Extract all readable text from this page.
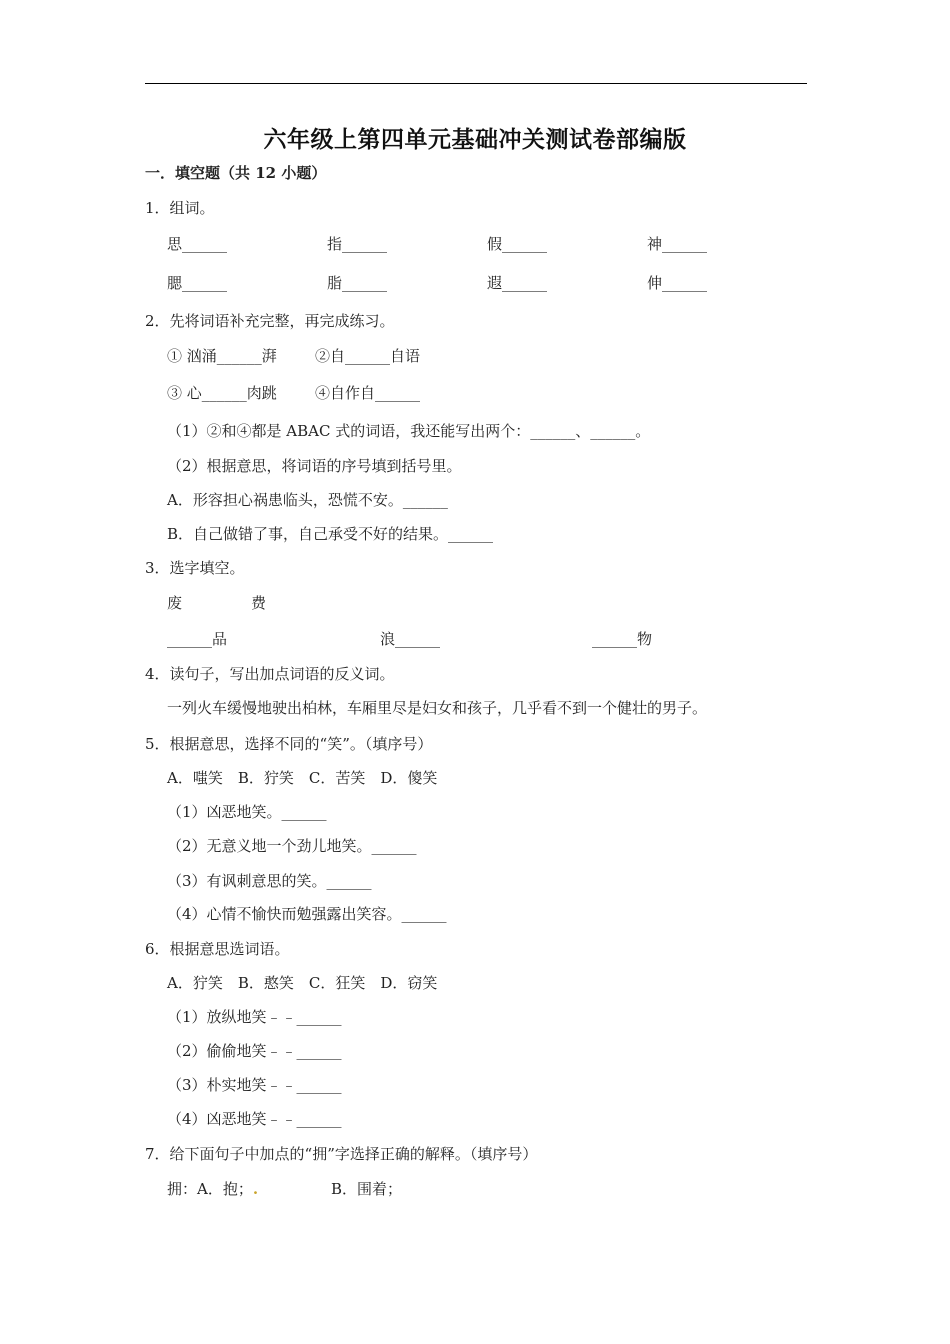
六年级上第四单元基础冲关测试卷部编版
一．填空题（共 12 小题）
1．组词。
思______	指______	假______	神______
腮______	脂______	遐______	伸______
2．先将词语补充完整，再完成练习。
① 汹涌______湃	②自______自语
③ 心______肉跳	④自作自______
（1）②和④都是 ABAC 式的词语，我还能写出两个：______、______。
（2）根据意思，将词语的序号填到括号里。
A．形容担心祸患临头，恐慌不安。______
B．自己做错了事，自己承受不好的结果。______
3．选字填空。
废	费
______品	浪______	______物
4．读句子，写出加点词语的反义词。
一列火车缓慢地驶出柏林，车厢里尽是妇女和孩子，几乎看不到一个健壮的男子。
5．根据意思，选择不同的“笑”。（填序号）
A．嗤笑　B．狞笑　C．苦笑　D．傻笑
（1）凶恶地笑。______
（2）无意义地一个劲儿地笑。______
（3）有讽刺意思的笑。______
（4）心情不愉快而勉强露出笑容。______
6．根据意思选词语。
A．狞笑　B．憨笑　C．狂笑　D．窃笑
（1）放纵地笑﹣﹣______
（2）偷偷地笑﹣﹣______
（3）朴实地笑﹣﹣______
（4）凶恶地笑﹣﹣______
7．给下面句子中加点的“拥”字选择正确的解释。（填序号）
拥：A．抱；.	B．围着；
